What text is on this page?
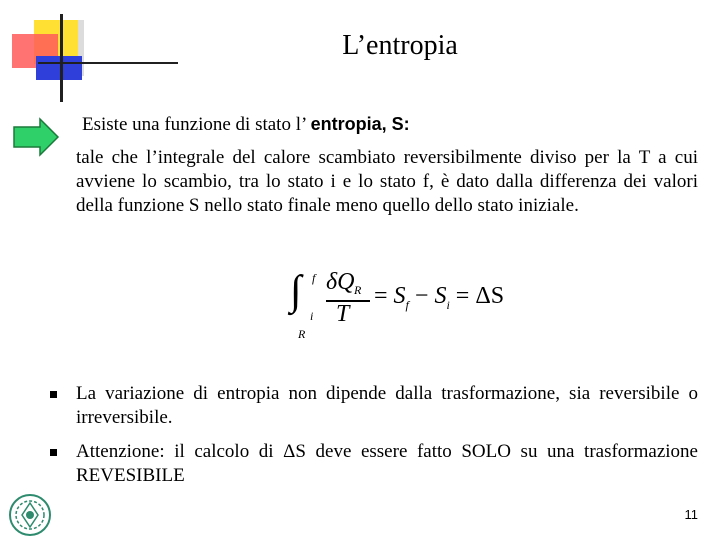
L’entropia
Esiste una funzione di stato l’ entropia, S:
tale che l’integrale del calore scambiato reversibilmente diviso per la T a cui avviene lo scambio, tra lo stato i e lo stato f, è dato dalla differenza dei valori della funzione S nello stato finale meno quello dello stato iniziale.
∫ f
i
R
δQ R
T
= $S_f - S_i = \Delta S$
La variazione di entropia non dipende dalla trasformazione, sia reversibile o irreversibile.
Attenzione: il calcolo di ΔS deve essere fatto SOLO su una trasformazione REVESIBILE
11
